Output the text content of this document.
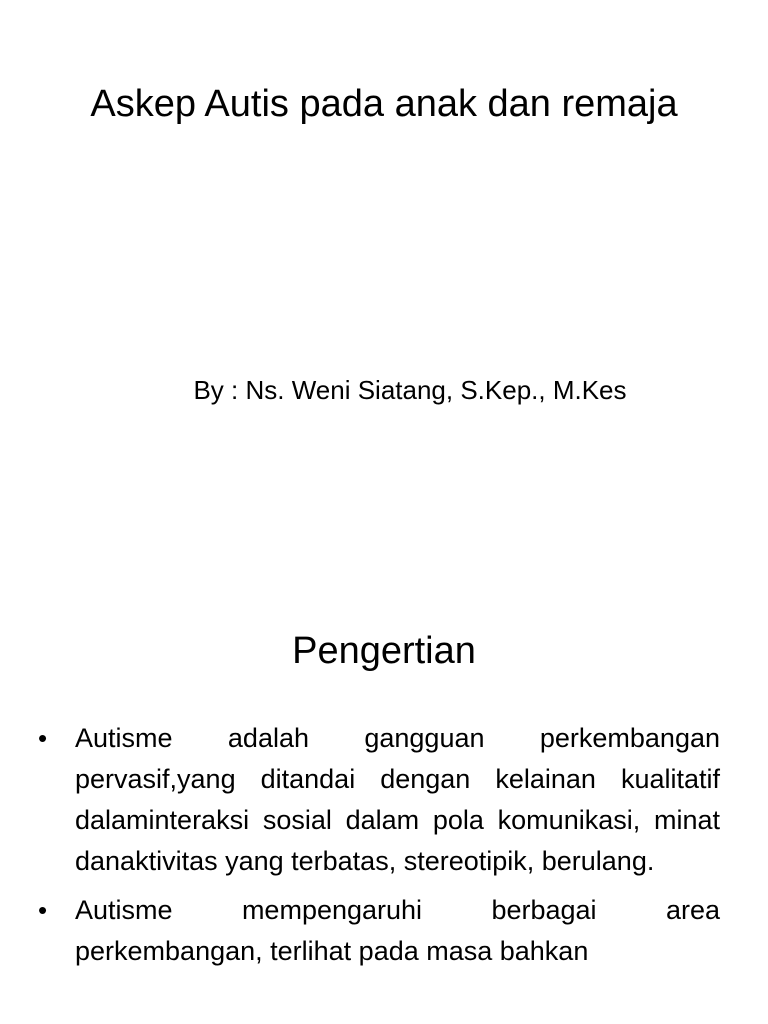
Askep Autis pada anak dan remaja

By : Ns. Weni Siatang, S.Kep., M.Kes

Pengertian
•	Autisme adalah gangguan perkembangan pervasif,yang ditandai dengan kelainan kualitatif dalaminteraksi sosial dalam pola komunikasi, minat danaktivitas yang terbatas, stereotipik, berulang.

•	Autisme mempengaruhi berbagai area perkembangan, terlihat pada masa bahkan
